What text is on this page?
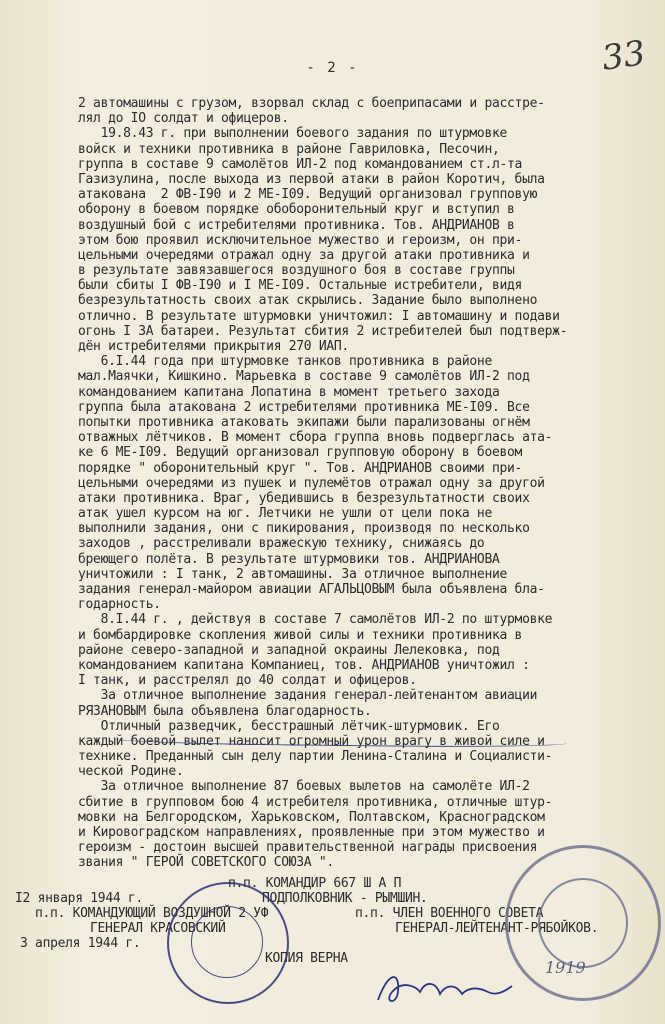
- 2 -	33
2 автомашины с грузом, взорвал склад с боеприпасами и расстре-
лял до IO солдат и офицеров.
19.8.43 г. при выполнении боевого задания по штурмовке
войск и техники противника в районе Гавриловка, Песочин,
группа в составе 9 самолётов ИЛ-2 под командованием ст.л-та
Газизулина, после выхода из первой атаки в район Коротич, была
атакована  2 ФВ-I90 и 2 МЕ-I09. Ведущий организовал групповую
оборону в боевом порядке обоборонительный круг и вступил в
воздушный бой с истребителями противника. Тов. АНДРИАНОВ в
этом бою проявил исключительное мужество и героизм, он при-
цельными очередями отражал одну за другой атаки противника и
в результате завязавшегося воздушного боя в составе группы
были сбиты I ФВ-I90 и I МЕ-I09. Остальные истребители, видя
безрезультатность своих атак скрылись. Задание было выполнено
отлично. В результате штурмовки уничтожил: I автомашину и подави
огонь I ЗА батареи. Результат сбития 2 истребителей был подтверж-
дён истребителями прикрытия 270 ИАП.
6.I.44 года при штурмовке танков противника в районе
мал.Маячки, Кишкино. Марьевка в составе 9 самолётов ИЛ-2 под
командованием капитана Лопатина в момент третьего захода
группа была атакована 2 истребителями противника МЕ-I09. Все
попытки противника атаковать экипажи были парализованы огнём
отважных лётчиков. В момент сбора группа вновь подверглась ата-
ке 6 МЕ-I09. Ведущий организовал групповую оборону в боевом
порядке " оборонительный круг ". Тов. АНДРИАНОВ своими при-
цельными очередями из пушек и пулемётов отражал одну за другой
атаки противника. Враг, убедившись в безрезультатности своих
атак ушел курсом на юг. Летчики не ушли от цели пока не
выполнили задания, они с пикирования, производя по несколько
заходов , расстреливали вражескую технику, снижаясь до
бреющего полёта. В результате штурмовики тов. АНДРИАНОВА
уничтожили : I танк, 2 автомашины. За отличное выполнение
задания генерал-майором авиации АГАЛЬЦОВЫМ была объявлена бла-
годарность.
8.I.44 г. , действуя в составе 7 самолётов ИЛ-2 по штурмовке
и бомбардировке скопления живой силы и техники противника в
районе северо-западной и западной окраины Лелековка, под
командованием капитана Компаниец, тов. АНДРИАНОВ уничтожил :
I танк, и расстрелял до 40 солдат и офицеров.
За отличное выполнение задания генерал-лейтенантом авиации
РЯЗАНОВЫМ была объявлена благодарность.
Отличный разведчик, бесстрашный лётчик-штурмовик. Его
каждый боевой вылет наносит огромный урон врагу в живой силе и
технике. Преданный сын делу партии Ленина-Сталина и Социалисти-
ческой Родине.
За отличное выполнение 87 боевых вылетов на самолёте ИЛ-2
сбитие в групповом бою 4 истребителя противника, отличные штур-
мовки на Белгородском, Харьковском, Полтавском, Красноградском
и Кировоградском направлениях, проявленные при этом мужество и
героизм - достоин высшей правительственной награды присвоения
звания " ГЕРОЙ СОВЕТСКОГО СОЮЗА ".
п.п. КОМАНДИР 667 Ш А П
I2 января 1944 г.	ПОДПОЛКОВНИК - РЫМШИН.
п.п. КОМАНДУЮЩИЙ ВОЗДУШНОЙ 2 УФ	п.п. ЧЛЕН ВОЕННОГО СОВЕТА
ГЕНЕРАЛ КРАСОВСКИЙ	ГЕНЕРАЛ-ЛЕЙТЕНАНТ-РЯБОЙКОВ.
3 апреля 1944 г.
КОПИЯ ВЕРНА	1919
